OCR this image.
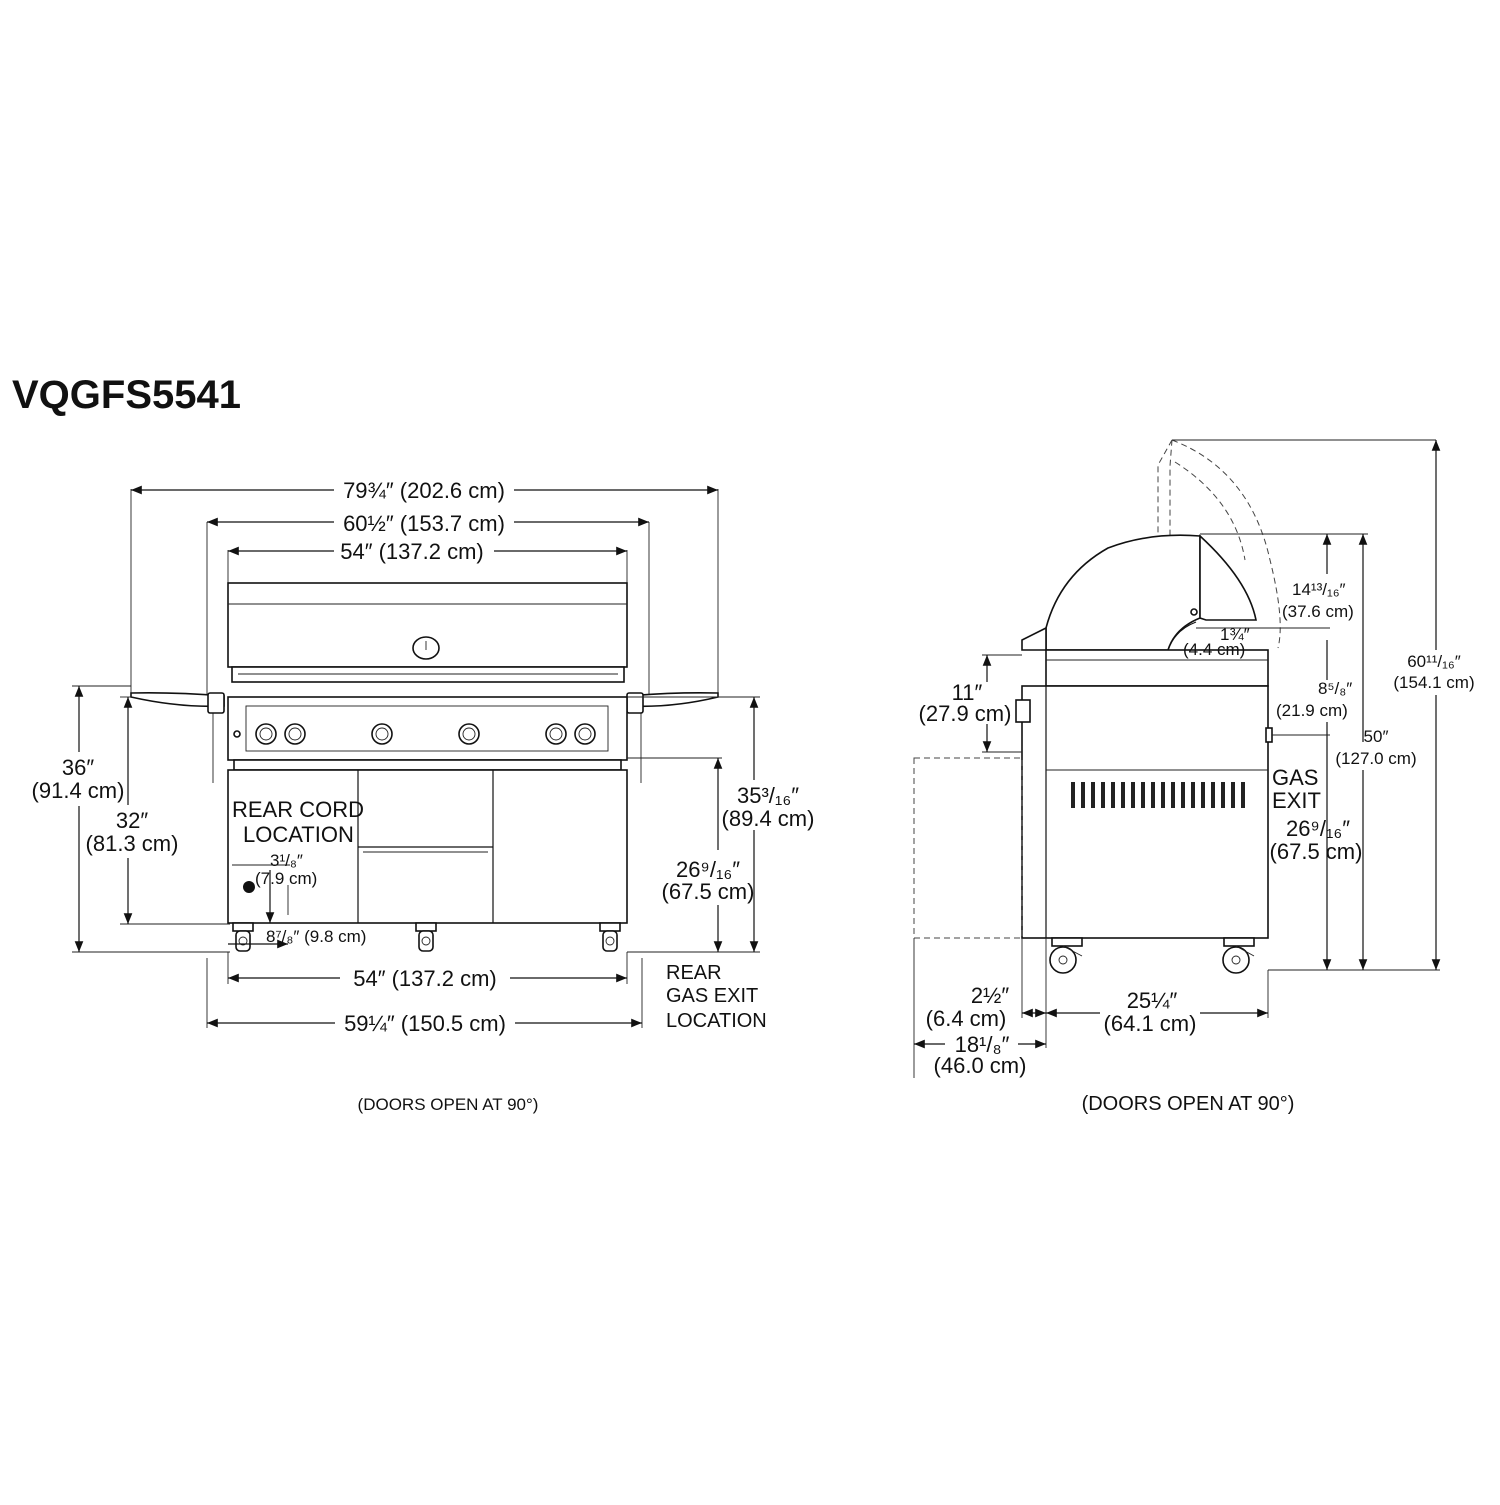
VQGFS5541
79¾″ (202.6 cm)
60½″ (153.7 cm)
54″ (137.2 cm)
REAR CORD
LOCATION
3¹/₈″
(7.9 cm)
8⁷/₈″ (9.8 cm)
36″
(91.4 cm)
32″
(81.3 cm)
35³/₁₆″
(89.4 cm)
26⁹/₁₆″
(67.5 cm)
54″ (137.2 cm)
59¼″ (150.5 cm)
REAR
GAS EXIT
LOCATION
(DOORS OPEN AT 90°)
GAS
EXIT
1¾″
(4.4 cm)
14¹³/₁₆″
(37.6 cm)
8⁵/₈″
(21.9 cm)
50″
(127.0 cm)
60¹¹/₁₆″
(154.1 cm)
26⁹/₁₆″
(67.5 cm)
11″
(27.9 cm)
2½″
(6.4 cm)
25¼″
(64.1 cm)
18¹/₈″
(46.0 cm)
(DOORS OPEN AT 90°)
